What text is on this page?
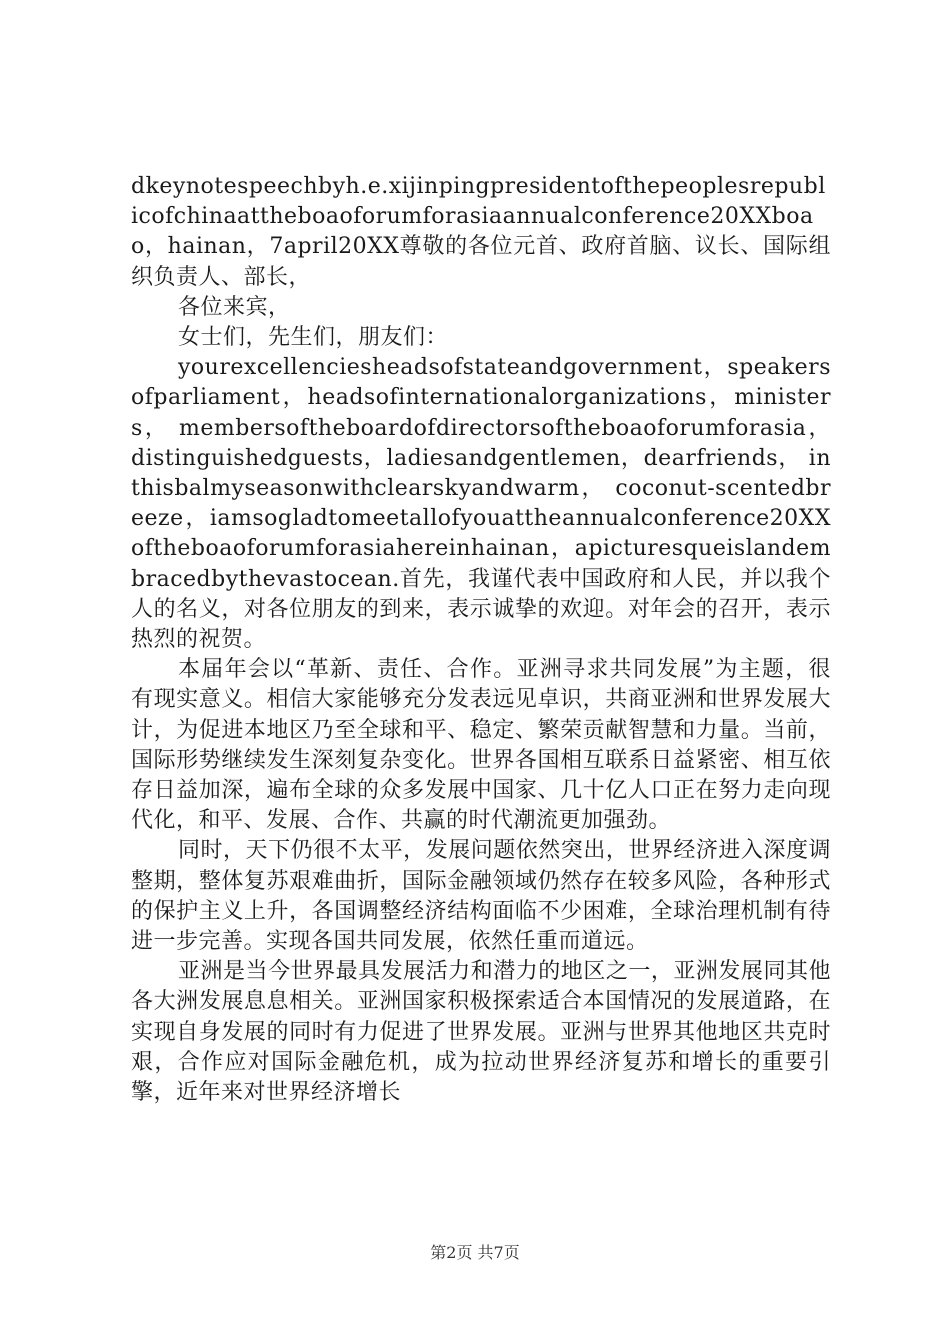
dkeynotespeechbyh.e.xijinpingpresidentofthepeoplesrepublicofchinaattheboaoforumforasiaannualconference20XXboao，hainan，7april20XX尊敬的各位元首、政府首脑、议长、国际组织负责人、部长，

各位来宾，

女士们，先生们，朋友们：

yourexcellenciesheadsofstateandgovernment，speakersofparliament，headsofinternationalorganizations，ministers， membersoftheboardofdirectorsoftheboaoforumforasia，distinguishedguests，ladiesandgentlemen，dearfriends， inthisbalmyseasonwithclearskyandwarm， coconut-scentedbreeze，iamsogladtomeetallofyouattheannualconference20XXoftheboaoforumforasiahereinhainan，apicturesqueislandembracedbythevastocean.首先，我谨代表中国政府和人民，并以我个人的名义，对各位朋友的到来，表示诚挚的欢迎。对年会的召开，表示热烈的祝贺。

本届年会以“革新、责任、合作。亚洲寻求共同发展”为主题，很有现实意义。相信大家能够充分发表远见卓识，共商亚洲和世界发展大计，为促进本地区乃至全球和平、稳定、繁荣贡献智慧和力量。当前，国际形势继续发生深刻复杂变化。世界各国相互联系日益紧密、相互依存日益加深，遍布全球的众多发展中国家、几十亿人口正在努力走向现代化，和平、发展、合作、共赢的时代潮流更加强劲。

同时，天下仍很不太平，发展问题依然突出，世界经济进入深度调整期，整体复苏艰难曲折，国际金融领域仍然存在较多风险，各种形式的保护主义上升，各国调整经济结构面临不少困难，全球治理机制有待进一步完善。实现各国共同发展，依然任重而道远。

亚洲是当今世界最具发展活力和潜力的地区之一，亚洲发展同其他各大洲发展息息相关。亚洲国家积极探索适合本国情况的发展道路，在实现自身发展的同时有力促进了世界发展。亚洲与世界其他地区共克时艰，合作应对国际金融危机，成为拉动世界经济复苏和增长的重要引擎，近年来对世界经济增长

第2页 共7页
